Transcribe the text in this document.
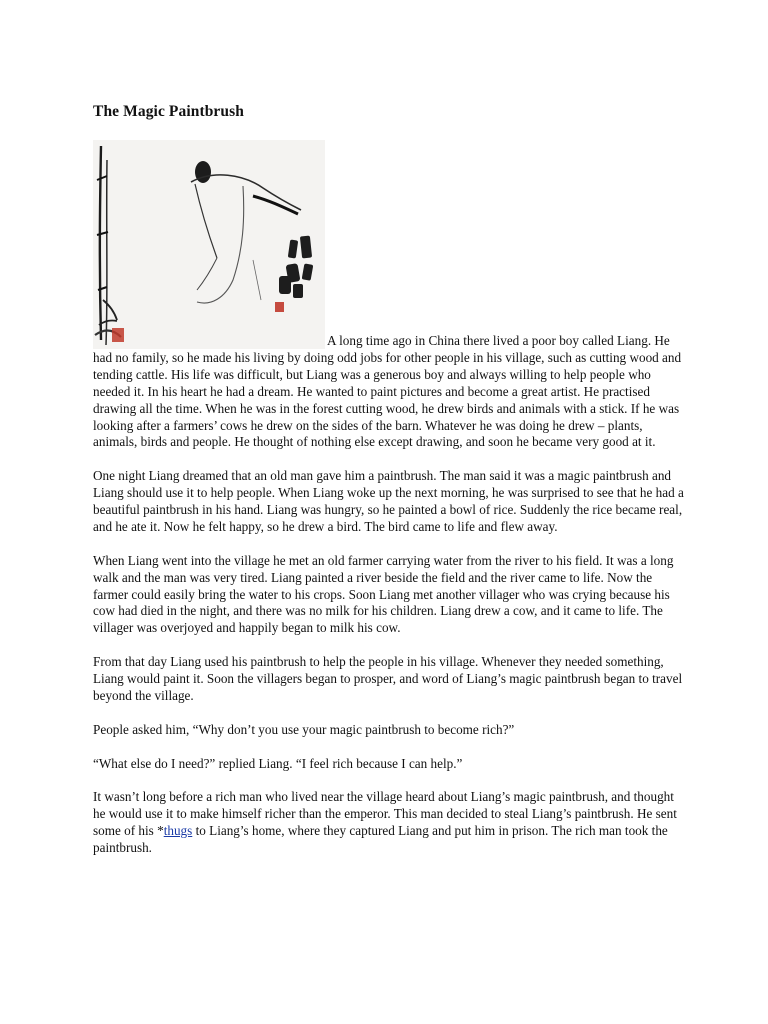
The Magic Paintbrush

A long time ago in China there lived a poor boy called Liang. He had no family, so he made his living by doing odd jobs for other people in his village, such as cutting wood and tending cattle. His life was difficult, but Liang was a generous boy and always willing to help people who needed it. In his heart he had a dream. He wanted to paint pictures and become a great artist. He practised drawing all the time. When he was in the forest cutting wood, he drew birds and animals with a stick. If he was looking after a farmers’ cows he drew on the sides of the barn. Whatever he was doing he drew – plants, animals, birds and people. He thought of nothing else except drawing, and soon he became very good at it.

One night Liang dreamed that an old man gave him a paintbrush. The man said it was a magic paintbrush and Liang should use it to help people. When Liang woke up the next morning, he was surprised to see that he had a beautiful paintbrush in his hand. Liang was hungry, so he painted a bowl of rice. Suddenly the rice became real, and he ate it. Now he felt happy, so he drew a bird. The bird came to life and flew away.

When Liang went into the village he met an old farmer carrying water from the river to his field. It was a long walk and the man was very tired. Liang painted a river beside the field and the river came to life. Now the farmer could easily bring the water to his crops. Soon Liang met another villager who was crying because his cow had died in the night, and there was no milk for his children. Liang drew a cow, and it came to life. The villager was overjoyed and happily began to milk his cow.

From that day Liang used his paintbrush to help the people in his village. Whenever they needed something, Liang would paint it. Soon the villagers began to prosper, and word of Liang’s magic paintbrush began to travel beyond the village.

People asked him, “Why don’t you use your magic paintbrush to become rich?”

“What else do I need?” replied Liang. “I feel rich because I can help.”

It wasn’t long before a rich man who lived near the village heard about Liang’s magic paintbrush, and thought he would use it to make himself richer than the emperor. This man decided to steal Liang’s paintbrush. He sent some of his *thugs to Liang’s home, where they captured Liang and put him in prison. The rich man took the paintbrush.
